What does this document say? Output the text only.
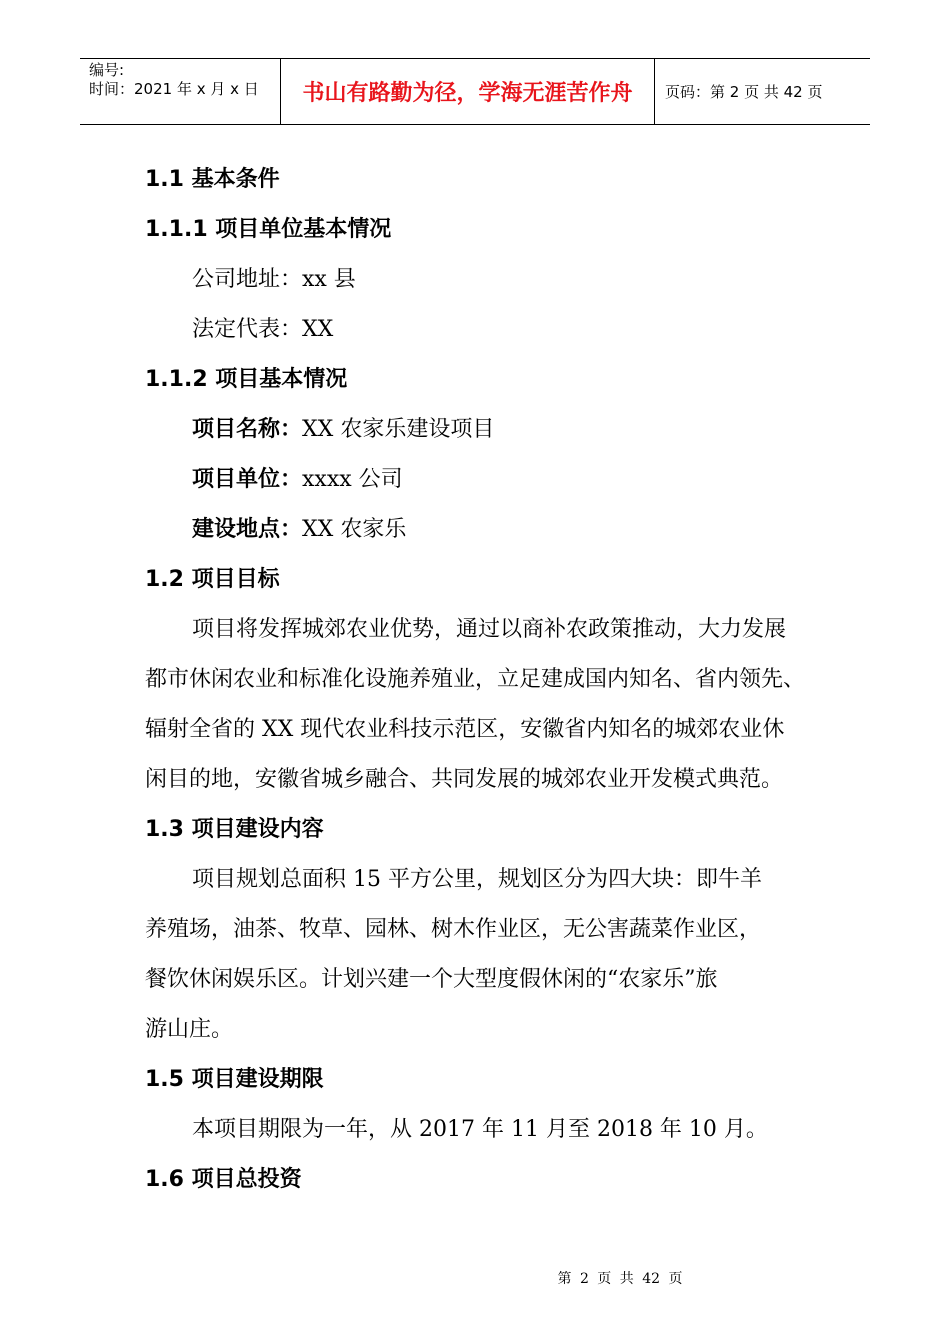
编号:
时间：2021 年 x 月 x 日	书山有路勤为径，学海无涯苦作舟	页码：第 2 页 共 42 页
1.1 基本条件
1.1.1 项目单位基本情况
公司地址：xx 县
法定代表：XX
1.1.2 项目基本情况
项目名称：XX 农家乐建设项目
项目单位：xxxx 公司
建设地点：XX 农家乐
1.2 项目目标
项目将发挥城郊农业优势，通过以商补农政策推动，大力发展
都市休闲农业和标准化设施养殖业，立足建成国内知名、省内领先、
辐射全省的 XX 现代农业科技示范区，安徽省内知名的城郊农业休
闲目的地，安徽省城乡融合、共同发展的城郊农业开发模式典范。
1.3 项目建设内容
项目规划总面积 15 平方公里，规划区分为四大块：即牛羊
养殖场，油茶、牧草、园林、树木作业区，无公害蔬菜作业区，
餐饮休闲娱乐区。计划兴建一个大型度假休闲的“农家乐”旅
游山庄。
1.5 项目建设期限
本项目期限为一年，从 2017 年 11 月至 2018 年 10 月。
1.6 项目总投资
第 2 页 共 42 页
